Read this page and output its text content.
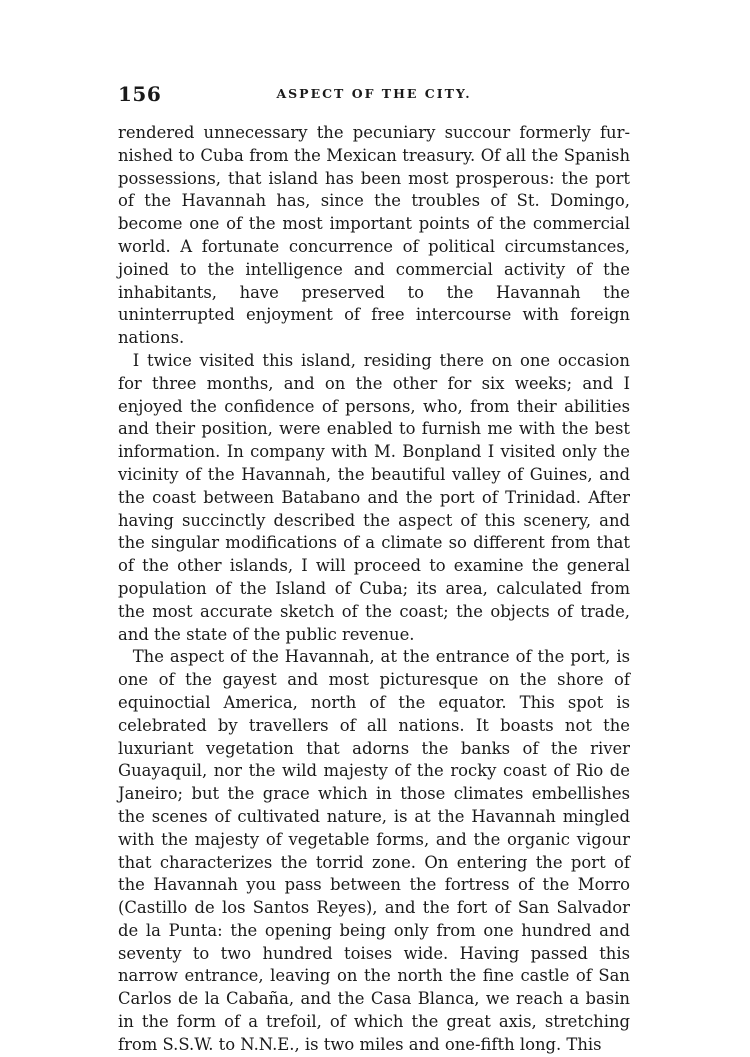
156	ASPECT OF THE CITY.

rendered unnecessary the pecuniary succour formerly fur-nished to Cuba from the Mexican treasury. Of all the Spanish possessions, that island has been most prosperous: the port of the Havannah has, since the troubles of St. Domingo, become one of the most important points of the commercial world. A fortunate concurrence of political circumstances, joined to the intelligence and commercial activity of the inhabitants, have preserved to the Havannah the uninterrupted enjoyment of free intercourse with foreign nations.

I twice visited this island, residing there on one occasion for three months, and on the other for six weeks; and I enjoyed the confidence of persons, who, from their abilities and their position, were enabled to furnish me with the best information. In company with M. Bonpland I visited only the vicinity of the Havannah, the beautiful valley of Guines, and the coast between Batabano and the port of Trinidad. After having succinctly described the aspect of this scenery, and the singular modifications of a climate so different from that of the other islands, I will proceed to examine the general population of the Island of Cuba; its area, calculated from the most accurate sketch of the coast; the objects of trade, and the state of the public revenue.

The aspect of the Havannah, at the entrance of the port, is one of the gayest and most picturesque on the shore of equinoctial America, north of the equator. This spot is celebrated by travellers of all nations. It boasts not the luxuriant vegetation that adorns the banks of the river Guayaquil, nor the wild majesty of the rocky coast of Rio de Janeiro; but the grace which in those climates embellishes the scenes of cultivated nature, is at the Havannah mingled with the majesty of vegetable forms, and the organic vigour that characterizes the torrid zone. On entering the port of the Havannah you pass between the fortress of the Morro (Castillo de los Santos Reyes), and the fort of San Salvador de la Punta: the opening being only from one hundred and seventy to two hundred toises wide. Having passed this narrow entrance, leaving on the north the fine castle of San Carlos de la Cabaña, and the Casa Blanca, we reach a basin in the form of a trefoil, of which the great axis, stretching from S.S.W. to N.N.E., is two miles and one-fifth long. This
